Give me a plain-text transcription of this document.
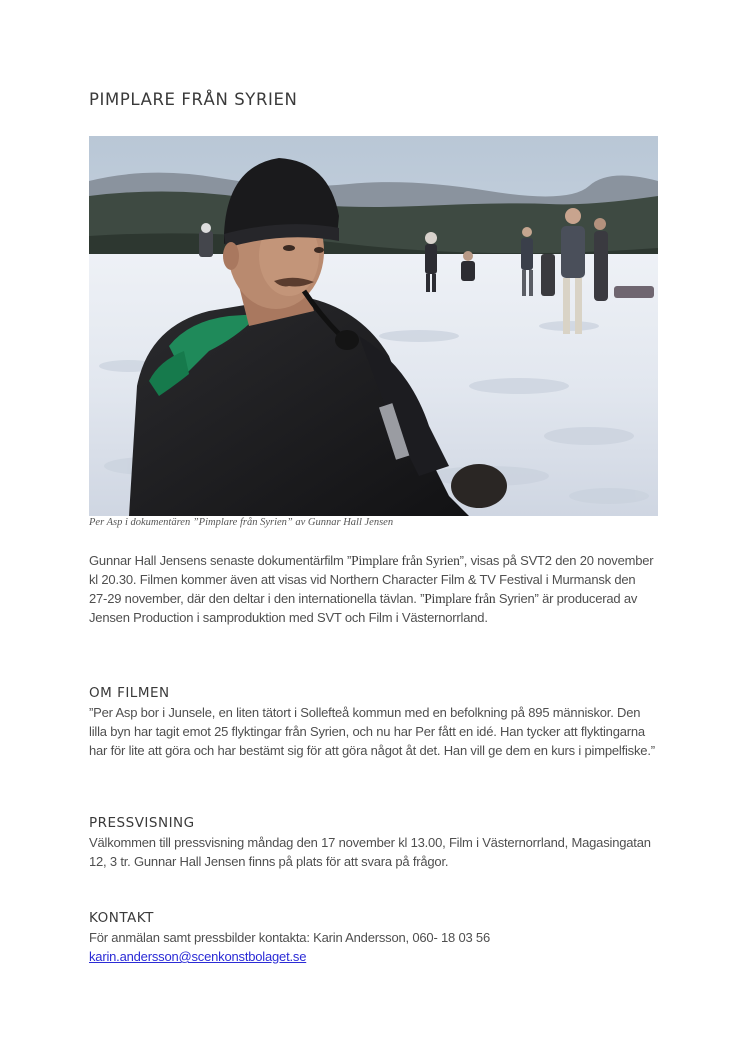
PIMPLARE FRÅN SYRIEN
Per Asp i dokumentären ”Pimplare från Syrien” av Gunnar Hall Jensen

Gunnar Hall Jensens senaste dokumentärfilm ”Pimplare från Syrien”, visas på SVT2 den 20 november kl 20.30. Filmen kommer även att visas vid Northern Character Film & TV Festival i Murmansk den 27-29 november, där den deltar i den internationella tävlan. ”Pimplare från Syrien” är producerad av Jensen Production i samproduktion med SVT och Film i Västernorrland.

OM FILMEN

”Per Asp bor i Junsele, en liten tätort i Sollefteå kommun med en befolkning på 895 människor. Den lilla byn har tagit emot 25 flyktingar från Syrien, och nu har Per fått en idé. Han tycker att flyktingarna har för lite att göra och har bestämt sig för att göra något åt det. Han vill ge dem en kurs i pimpelfiske.”

PRESSVISNING

Välkommen till pressvisning måndag den 17 november kl 13.00, Film i Västernorrland, Magasingatan 12, 3 tr. Gunnar Hall Jensen finns på plats för att svara på frågor.

KONTAKT

För anmälan samt pressbilder kontakta: Karin Andersson, 060- 18 03 56

karin.andersson@scenkonstbolaget.se
